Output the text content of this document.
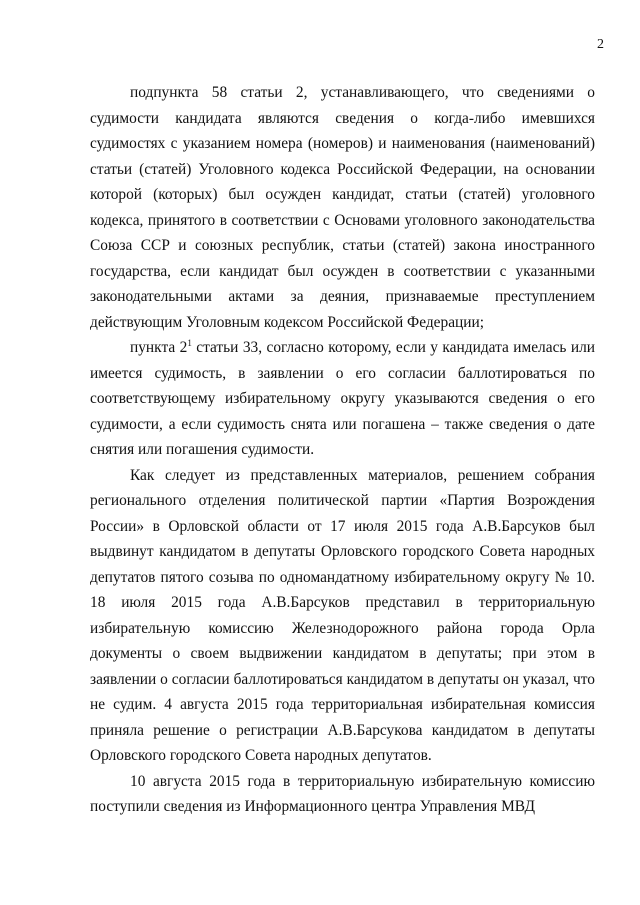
2

подпункта 58 статьи 2, устанавливающего, что сведениями о судимости кандидата являются сведения о когда-либо имевшихся судимостях с указанием номера (номеров) и наименования (наименований) статьи (статей) Уголовного кодекса Российской Федерации, на основании которой (которых) был осужден кандидат, статьи (статей) уголовного кодекса, принятого в соответствии с Основами уголовного законодательства Союза ССР и союзных республик, статьи (статей) закона иностранного государства, если кандидат был осужден в соответствии с указанными законодательными актами за деяния, признаваемые преступлением действующим Уголовным кодексом Российской Федерации;

пункта $2^1$ статьи 33, согласно которому, если у кандидата имелась или имеется судимость, в заявлении о его согласии баллотироваться по соответствующему избирательному округу указываются сведения о его судимости, а если судимость снята или погашена – также сведения о дате снятия или погашения судимости.

Как следует из представленных материалов, решением собрания регионального отделения политической партии «Партия Возрождения России» в Орловской области от 17 июля 2015 года А.В.Барсуков был выдвинут кандидатом в депутаты Орловского городского Совета народных депутатов пятого созыва по одномандатному избирательному округу № 10. 18 июля 2015 года А.В.Барсуков представил в территориальную избирательную комиссию Железнодорожного района города Орла документы о своем выдвижении кандидатом в депутаты; при этом в заявлении о согласии баллотироваться кандидатом в депутаты он указал, что не судим. 4 августа 2015 года территориальная избирательная комиссия приняла решение о регистрации А.В.Барсукова кандидатом в депутаты Орловского городского Совета народных депутатов.

10 августа 2015 года в территориальную избирательную комиссию поступили сведения из Информационного центра Управления МВД
